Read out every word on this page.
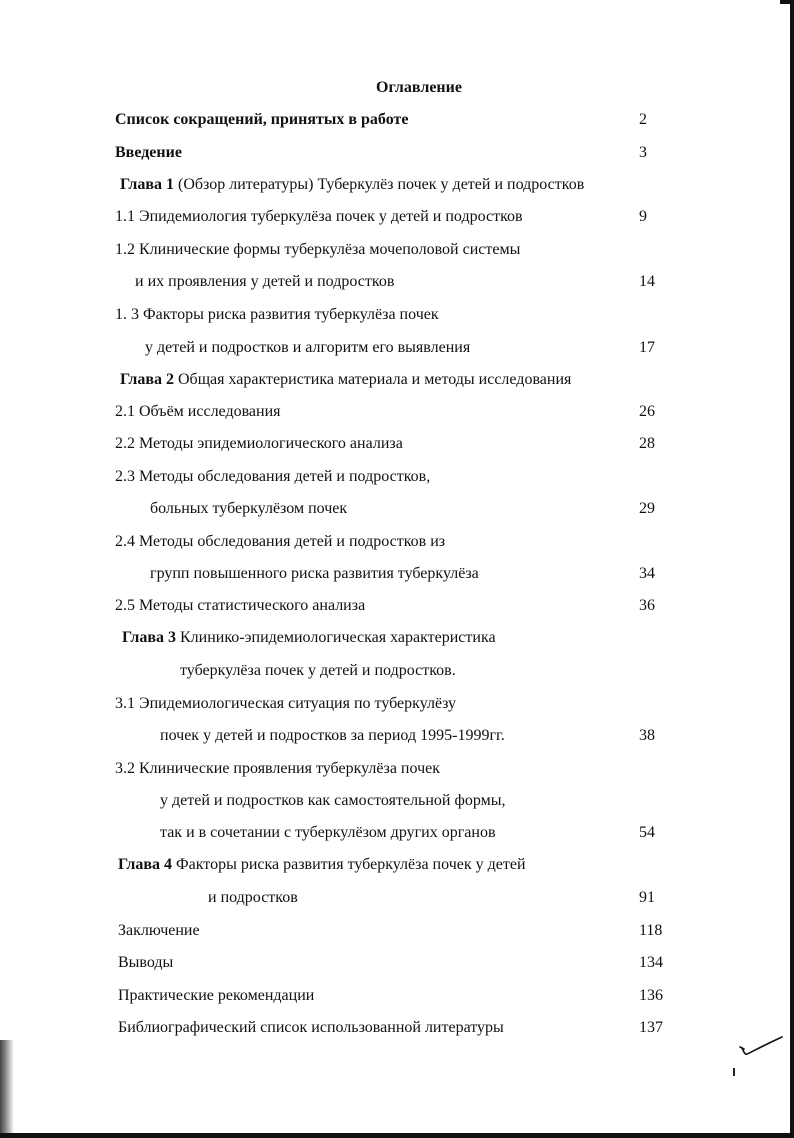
Оглавление
Список сокращений, принятых в работе	2
Введение	3
Глава 1 (Обзор литературы) Туберкулёз почек у детей и подростков
1.1 Эпидемиология туберкулёза почек у детей и подростков	9
1.2 Клинические формы туберкулёза мочеполовой системы
и их проявления у детей и подростков	14
1. 3 Факторы риска развития туберкулёза почек
у детей и подростков и алгоритм его выявления	17
Глава 2 Общая характеристика материала и методы исследования
2.1 Объём исследования	26
2.2 Методы эпидемиологического анализа	28
2.3 Методы обследования детей и подростков,
больных туберкулёзом почек	29
2.4 Методы обследования детей и подростков из
групп повышенного риска развития туберкулёза	34
2.5 Методы статистического анализа	36
Глава 3 Клинико-эпидемиологическая характеристика
туберкулёза почек у детей и подростков.
3.1 Эпидемиологическая ситуация по туберкулёзу
почек у детей и подростков за период 1995-1999гг.	38
3.2 Клинические проявления туберкулёза почек
у детей и подростков как самостоятельной формы,
так и в сочетании с туберкулёзом других органов	54
Глава 4 Факторы риска развития туберкулёза почек у детей
и подростков	91
Заключение	118
Выводы	134
Практические рекомендации	136
Библиографический список использованной литературы	137
